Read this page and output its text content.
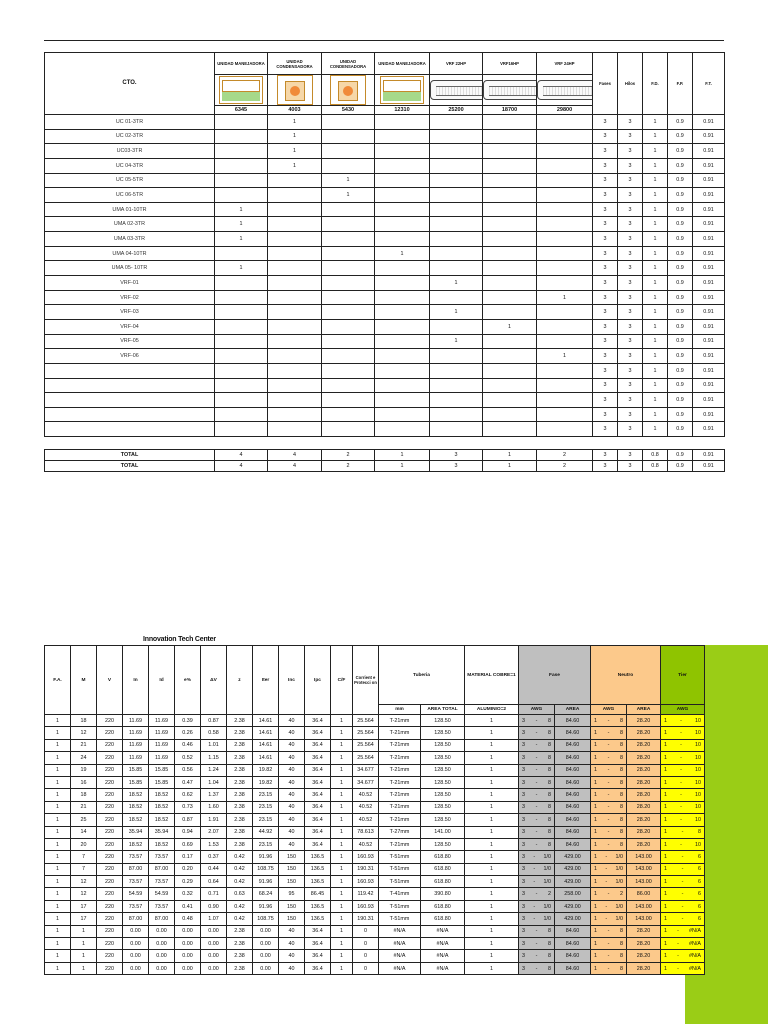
CTO.	UNIDAD MANEJADORA	UNIDAD CONDENSADORA	UNIDAD CONDENSADORA	UNIDAD MANEJADORA	VRF 22HP	VRF16HP	VRF 24HP	Fases	Hilos	F.D.	F.P.	F.T.

	6345	4003	5430	12310	25200	18700	29800					
UC 01-3TR		1						3	3	1	0.9	0.91
UC 02-3TR		1						3	3	1	0.9	0.91
UC03-3TR		1						3	3	1	0.9	0.91
UC 04-3TR		1						3	3	1	0.9	0.91
UC 05-5TR			1					3	3	1	0.9	0.91
UC 06-5TR			1					3	3	1	0.9	0.91
UMA 01-10TR	1							3	3	1	0.9	0.91
UMA 02-3TR	1							3	3	1	0.9	0.91
UMA 03-3TR	1							3	3	1	0.9	0.91
UMA 04-10TR				1				3	3	1	0.9	0.91
UMA 05- 10TR	1							3	3	1	0.9	0.91
VRF-01					1			3	3	1	0.9	0.91
VRF-02							1	3	3	1	0.9	0.91
VRF-03					1			3	3	1	0.9	0.91
VRF-04						1		3	3	1	0.9	0.91
VRF-05					1			3	3	1	0.9	0.91
VRF-06							1	3	3	1	0.9	0.91
								3	3	1	0.9	0.91
								3	3	1	0.9	0.91
								3	3	1	0.9	0.91
								3	3	1	0.9	0.91
								3	3	1	0.9	0.91

TOTAL	4	4	2	1	3	1	2	3	3	0.8	0.9	0.91
TOTAL	4	4	2	1	3	1	2	3	3	0.8	0.9	0.91
Innovation Tech Center
F.A.	M	V	In	Id	e%	ΔV	z	Iter	Inc	Ipc	C/F	Corrient e Protecci on	Tuberia		MATERIAL COBRE=1	Fase		Neutro		Tier
													mm	AREA TOTAL	ALUMINIO=2	AWG	AREA	AWG	AREA	AWG
1	18	220	11.69	11.69	0.39	0.87	2.38	14.61	40	36.4	1	25.564	T-21mm	128.50	1	3 - 8	84.60	1 - 8	28.20	1 - 10

1	12	220	11.69	11.69	0.26	0.58	2.38	14.61	40	36.4	1	25.564	T-21mm	128.50	1	3 - 8	84.60	1 - 8	28.20	1 - 10

1	21	220	11.69	11.69	0.46	1.01	2.38	14.61	40	36.4	1	25.564	T-21mm	128.50	1	3 - 8	84.60	1 - 8	28.20	1 - 10

1	24	220	11.69	11.69	0.52	1.15	2.38	14.61	40	36.4	1	25.564	T-21mm	128.50	1	3 - 8	84.60	1 - 8	28.20	1 - 10

1	19	220	15.85	15.85	0.56	1.24	2.38	19.82	40	36.4	1	34.677	T-21mm	128.50	1	3 - 8	84.60	1 - 8	28.20	1 - 10

1	16	220	15.85	15.85	0.47	1.04	2.38	19.82	40	36.4	1	34.677	T-21mm	128.50	1	3 - 8	84.60	1 - 8	28.20	1 - 10

1	18	220	18.52	18.52	0.62	1.37	2.38	23.15	40	36.4	1	40.52	T-21mm	128.50	1	3 - 8	84.60	1 - 8	28.20	1 - 10

1	21	220	18.52	18.52	0.73	1.60	2.38	23.15	40	36.4	1	40.52	T-21mm	128.50	1	3 - 8	84.60	1 - 8	28.20	1 - 10

1	25	220	18.52	18.52	0.87	1.91	2.38	23.15	40	36.4	1	40.52	T-21mm	128.50	1	3 - 8	84.60	1 - 8	28.20	1 - 10

1	14	220	35.94	35.94	0.94	2.07	2.38	44.92	40	36.4	1	78.613	T-27mm	141.00	1	3 - 8	84.60	1 - 8	28.20	1 - 8

1	20	220	18.52	18.52	0.69	1.53	2.38	23.15	40	36.4	1	40.52	T-21mm	128.50	1	3 - 8	84.60	1 - 8	28.20	1 - 10

1	7	220	73.57	73.57	0.17	0.37	0.42	91.96	150	136.5	1	160.93	T-51mm	618.80	1	3 - 1/0	429.00	1 - 1/0	143.00	1 - 6

1	7	220	87.00	87.00	0.20	0.44	0.42	108.75	150	136.5	1	190.31	T-51mm	618.80	1	3 - 1/0	429.00	1 - 1/0	143.00	1 - 6

1	12	220	73.57	73.57	0.29	0.64	0.42	91.96	150	136.5	1	160.93	T-51mm	618.80	1	3 - 1/0	429.00	1 - 1/0	143.00	1 - 6

1	12	220	54.59	54.59	0.32	0.71	0.63	68.24	95	86.45	1	119.42	T-41mm	390.80	1	3 - 2	258.00	1 - 2	86.00	1 - 6

1	17	220	73.57	73.57	0.41	0.90	0.42	91.96	150	136.5	1	160.93	T-51mm	618.80	1	3 - 1/0	429.00	1 - 1/0	143.00	1 - 6

1	17	220	87.00	87.00	0.48	1.07	0.42	108.75	150	136.5	1	190.31	T-51mm	618.80	1	3 - 1/0	429.00	1 - 1/0	143.00	1 - 6

1	1	220	0.00	0.00	0.00	0.00	2.38	0.00	40	36.4	1	0	#N/A	#N/A	1	3 - 8	84.60	1 - 8	28.20	1 - #N/A

1	1	220	0.00	0.00	0.00	0.00	2.38	0.00	40	36.4	1	0	#N/A	#N/A	1	3 - 8	84.60	1 - 8	28.20	1 - #N/A

1	1	220	0.00	0.00	0.00	0.00	2.38	0.00	40	36.4	1	0	#N/A	#N/A	1	3 - 8	84.60	1 - 8	28.20	1 - #N/A

1	1	220	0.00	0.00	0.00	0.00	2.38	0.00	40	36.4	1	0	#N/A	#N/A	1	3 - 8	84.60	1 - 8	28.20	1 - #N/A
